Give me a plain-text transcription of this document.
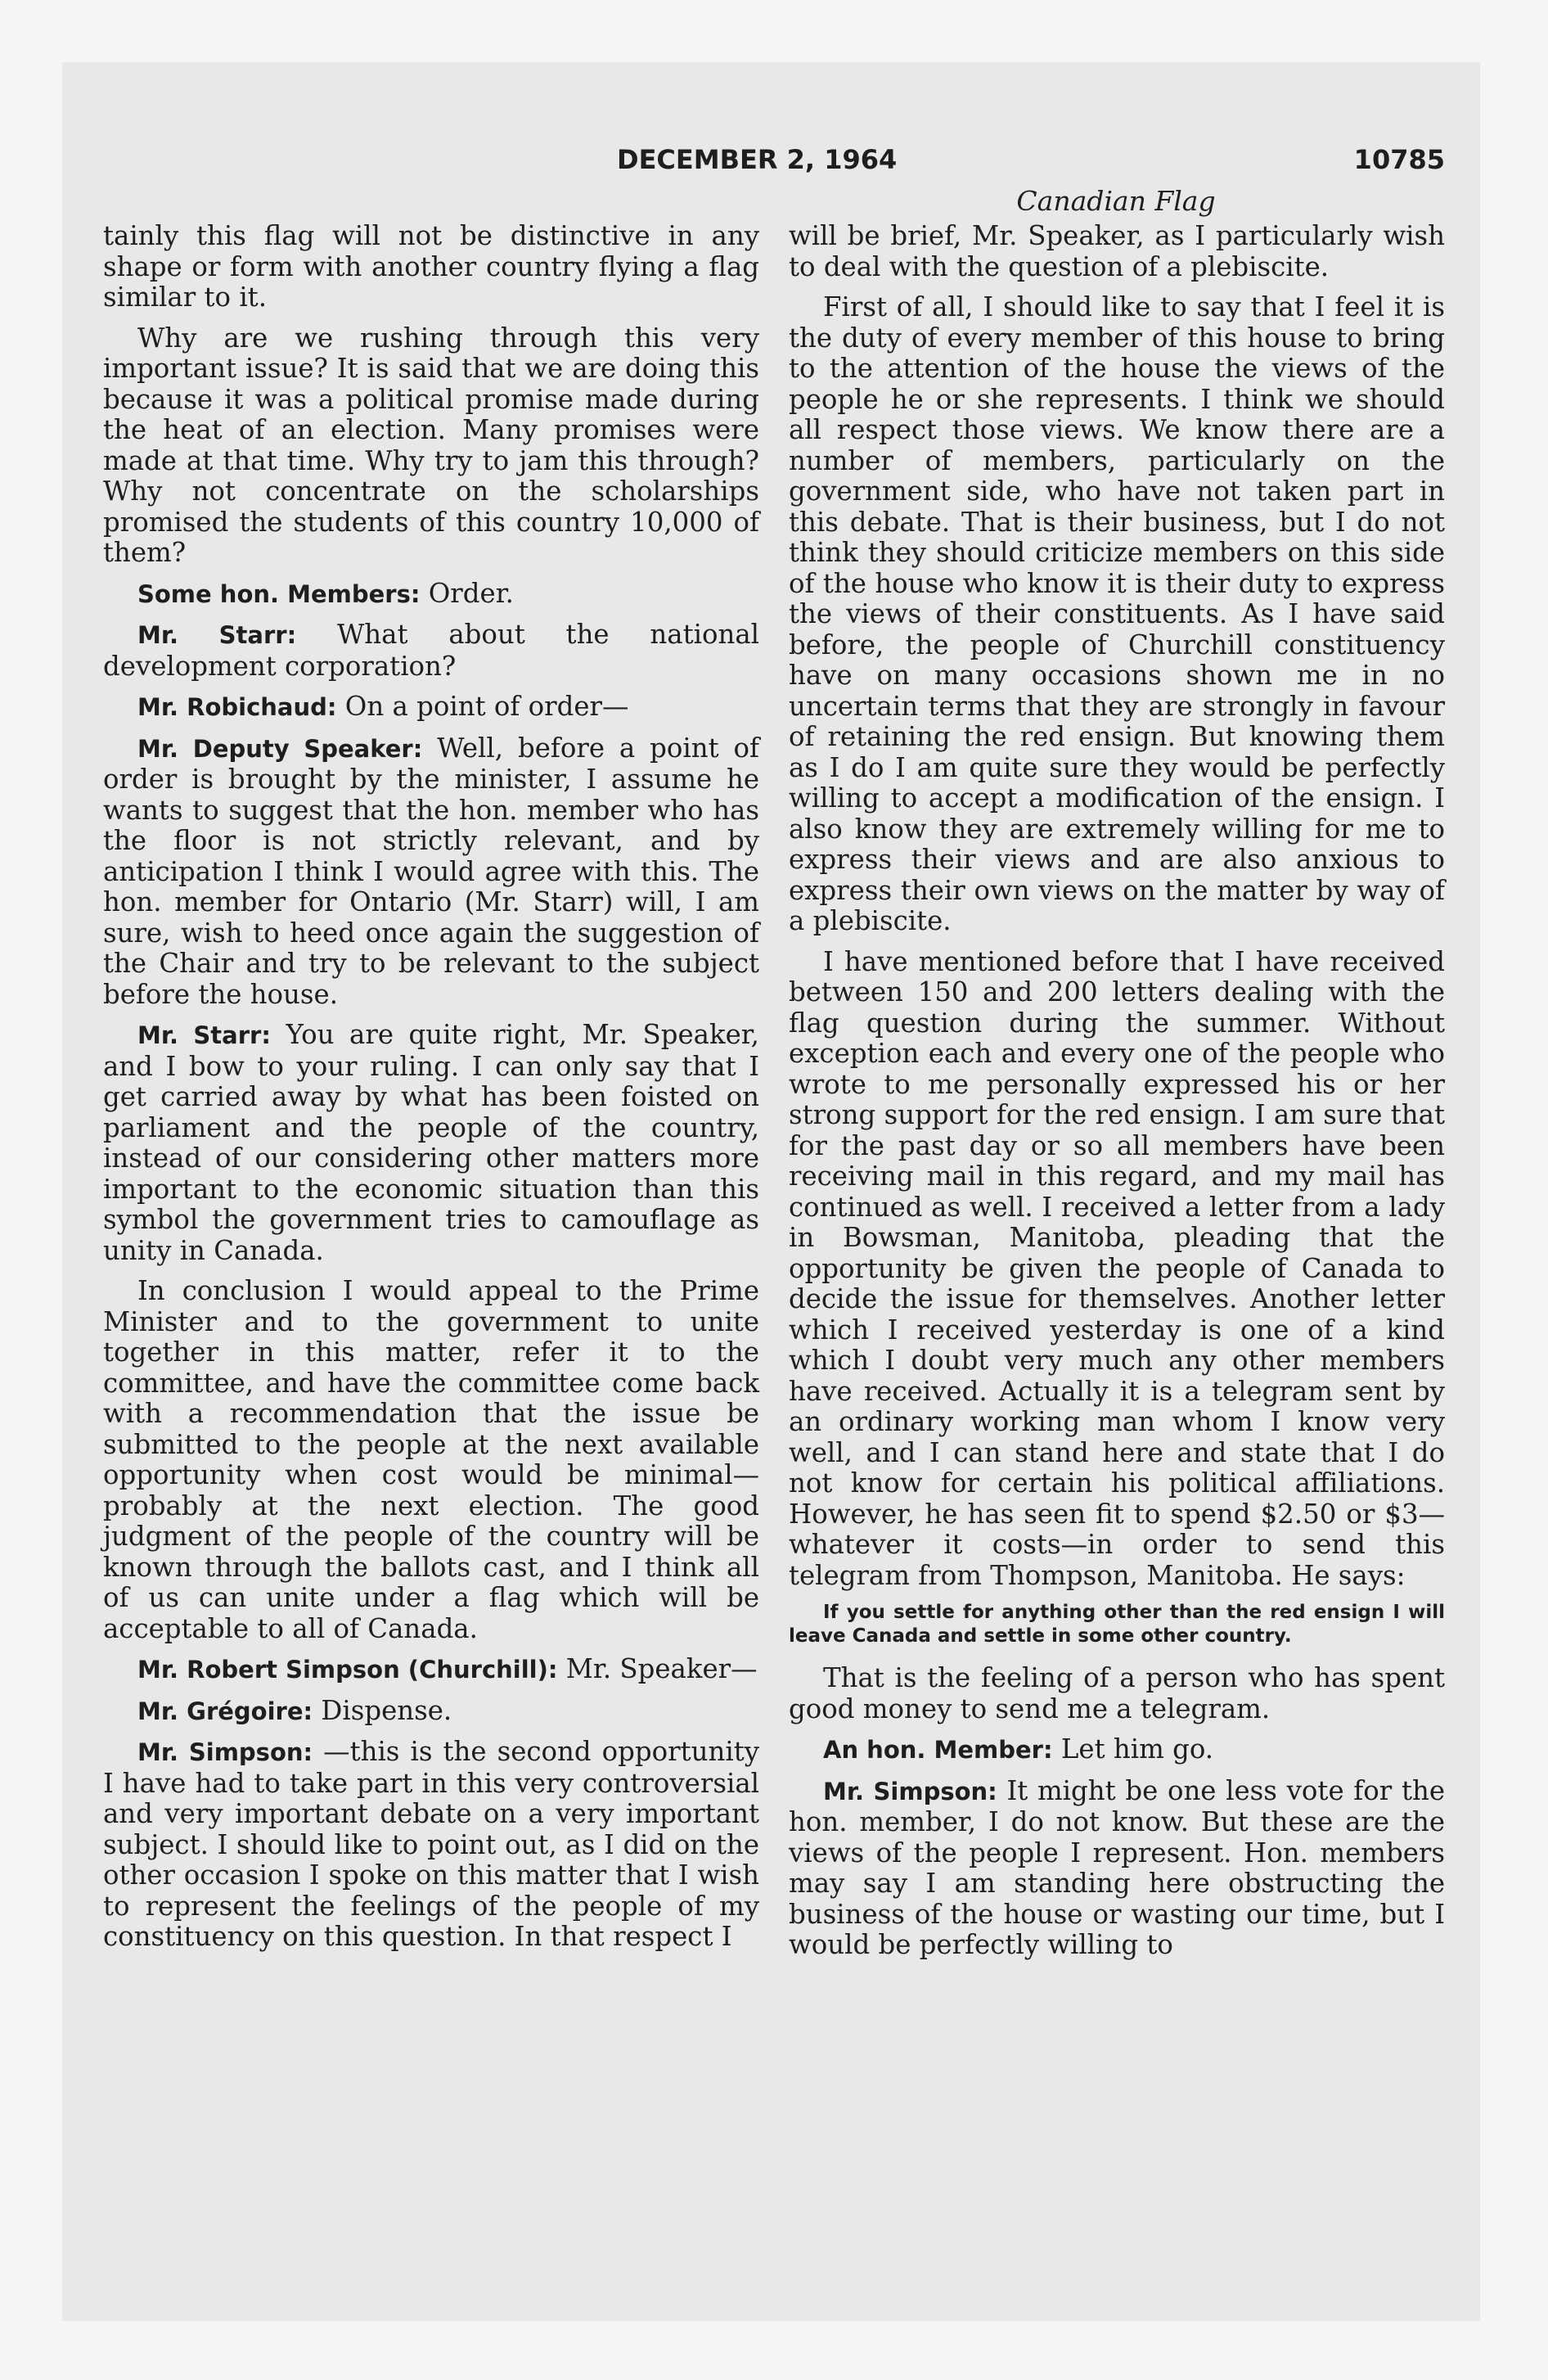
DECEMBER 2, 1964	10785
Canadian Flag

tainly this flag will not be distinctive in any shape or form with another country flying a flag similar to it.

Why are we rushing through this very important issue? It is said that we are doing this because it was a political promise made during the heat of an election. Many promises were made at that time. Why try to jam this through? Why not concentrate on the scholarships promised the students of this country 10,000 of them?

Some hon. Members: Order.

Mr. Starr: What about the national development corporation?

Mr. Robichaud: On a point of order—

Mr. Deputy Speaker: Well, before a point of order is brought by the minister, I assume he wants to suggest that the hon. member who has the floor is not strictly relevant, and by anticipation I think I would agree with this. The hon. member for Ontario (Mr. Starr) will, I am sure, wish to heed once again the suggestion of the Chair and try to be relevant to the subject before the house.

Mr. Starr: You are quite right, Mr. Speaker, and I bow to your ruling. I can only say that I get carried away by what has been foisted on parliament and the people of the country, instead of our considering other matters more important to the economic situation than this symbol the government tries to camouflage as unity in Canada.

In conclusion I would appeal to the Prime Minister and to the government to unite together in this matter, refer it to the committee, and have the committee come back with a recommendation that the issue be submitted to the people at the next available opportunity when cost would be minimal—probably at the next election. The good judgment of the people of the country will be known through the ballots cast, and I think all of us can unite under a flag which will be acceptable to all of Canada.

Mr. Robert Simpson (Churchill): Mr. Speaker—

Mr. Grégoire: Dispense.

Mr. Simpson: —this is the second opportunity I have had to take part in this very controversial and very important debate on a very important subject. I should like to point out, as I did on the other occasion I spoke on this matter that I wish to represent the feelings of the people of my constituency on this question. In that respect I

will be brief, Mr. Speaker, as I particularly wish to deal with the question of a plebiscite.

First of all, I should like to say that I feel it is the duty of every member of this house to bring to the attention of the house the views of the people he or she represents. I think we should all respect those views. We know there are a number of members, particularly on the government side, who have not taken part in this debate. That is their business, but I do not think they should criticize members on this side of the house who know it is their duty to express the views of their constituents. As I have said before, the people of Churchill constituency have on many occasions shown me in no uncertain terms that they are strongly in favour of retaining the red ensign. But knowing them as I do I am quite sure they would be perfectly willing to accept a modification of the ensign. I also know they are extremely willing for me to express their views and are also anxious to express their own views on the matter by way of a plebiscite.

I have mentioned before that I have received between 150 and 200 letters dealing with the flag question during the summer. Without exception each and every one of the people who wrote to me personally expressed his or her strong support for the red ensign. I am sure that for the past day or so all members have been receiving mail in this regard, and my mail has continued as well. I received a letter from a lady in Bowsman, Manitoba, pleading that the opportunity be given the people of Canada to decide the issue for themselves. Another letter which I received yesterday is one of a kind which I doubt very much any other members have received. Actually it is a telegram sent by an ordinary working man whom I know very well, and I can stand here and state that I do not know for certain his political affiliations. However, he has seen fit to spend $2.50 or $3—whatever it costs—in order to send this telegram from Thompson, Manitoba. He says:

If you settle for anything other than the red ensign I will leave Canada and settle in some other country.

That is the feeling of a person who has spent good money to send me a telegram.

An hon. Member: Let him go.

Mr. Simpson: It might be one less vote for the hon. member, I do not know. But these are the views of the people I represent. Hon. members may say I am standing here obstructing the business of the house or wasting our time, but I would be perfectly willing to
